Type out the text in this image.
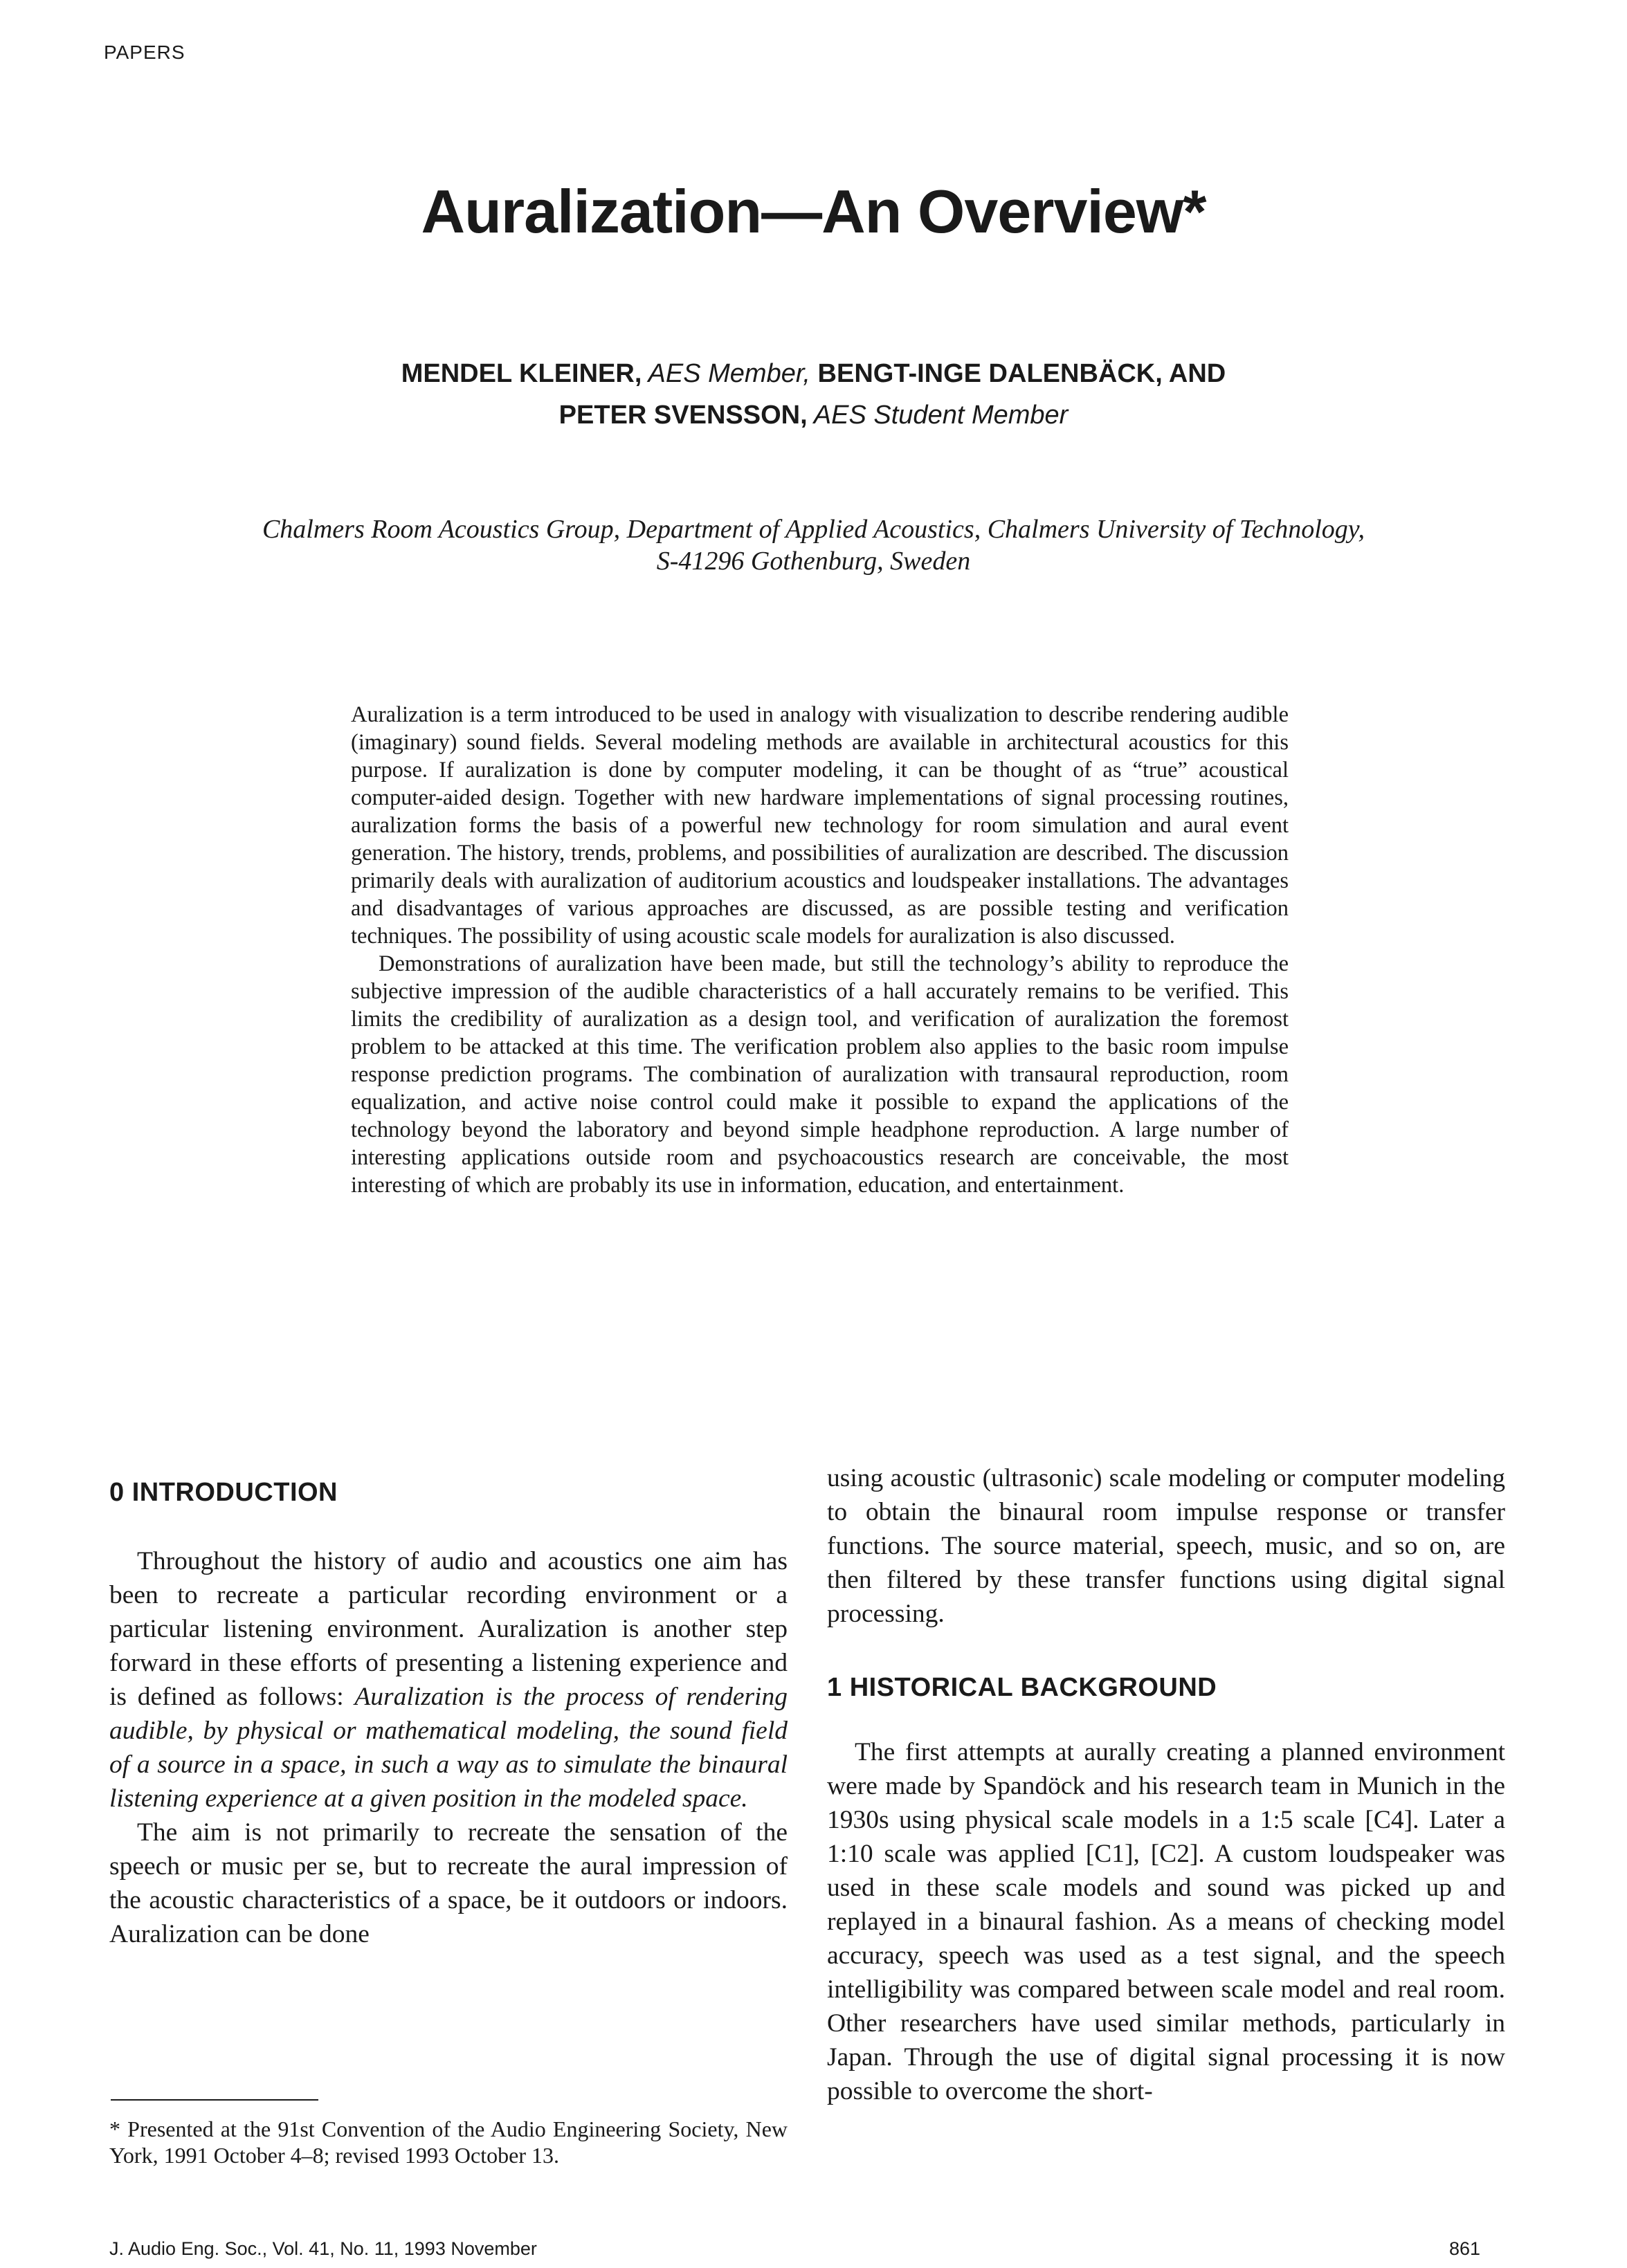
PAPERS
Auralization—An Overview*
MENDEL KLEINER, AES Member, BENGT-INGE DALENBÄCK, AND
PETER SVENSSON, AES Student Member
Chalmers Room Acoustics Group, Department of Applied Acoustics, Chalmers University of Technology,
S-41296 Gothenburg, Sweden

Auralization is a term introduced to be used in analogy with visualization to describe rendering audible (imaginary) sound fields. Several modeling methods are available in architectural acoustics for this purpose. If auralization is done by computer modeling, it can be thought of as “true” acoustical computer-aided design. Together with new hardware implementations of signal processing routines, auralization forms the basis of a powerful new technology for room simulation and aural event generation. The history, trends, problems, and possibilities of auralization are described. The discussion primarily deals with auralization of auditorium acoustics and loudspeaker installations. The advantages and disadvantages of various approaches are discussed, as are possible testing and verification techniques. The possibility of using acoustic scale models for auralization is also discussed.

Demonstrations of auralization have been made, but still the technology’s ability to reproduce the subjective impression of the audible characteristics of a hall accurately remains to be verified. This limits the credibility of auralization as a design tool, and verification of auralization the foremost problem to be attacked at this time. The verification problem also applies to the basic room impulse response prediction programs. The combination of auralization with transaural reproduction, room equalization, and active noise control could make it possible to expand the applications of the technology beyond the laboratory and beyond simple headphone reproduction. A large number of interesting applications outside room and psychoacoustics research are conceivable, the most interesting of which are probably its use in information, education, and entertainment.

0 INTRODUCTION

Throughout the history of audio and acoustics one aim has been to recreate a particular recording environment or a particular listening environment. Auralization is another step forward in these efforts of presenting a listening experience and is defined as follows: Auralization is the process of rendering audible, by physical or mathematical modeling, the sound field of a source in a space, in such a way as to simulate the binaural listening experience at a given position in the modeled space.

The aim is not primarily to recreate the sensation of the speech or music per se, but to recreate the aural impression of the acoustic characteristics of a space, be it outdoors or indoors. Auralization can be done

using acoustic (ultrasonic) scale modeling or computer modeling to obtain the binaural room impulse response or transfer functions. The source material, speech, music, and so on, are then filtered by these transfer functions using digital signal processing.

1 HISTORICAL BACKGROUND

The first attempts at aurally creating a planned environment were made by Spandöck and his research team in Munich in the 1930s using physical scale models in a 1:5 scale [C4]. Later a 1:10 scale was applied [C1], [C2]. A custom loudspeaker was used in these scale models and sound was picked up and replayed in a binaural fashion. As a means of checking model accuracy, speech was used as a test signal, and the speech intelligibility was compared between scale model and real room. Other researchers have used similar methods, particularly in Japan. Through the use of digital signal processing it is now possible to overcome the short-

* Presented at the 91st Convention of the Audio Engineering Society, New York, 1991 October 4–8; revised 1993 October 13.
J. Audio Eng. Soc., Vol. 41, No. 11, 1993 November	861
